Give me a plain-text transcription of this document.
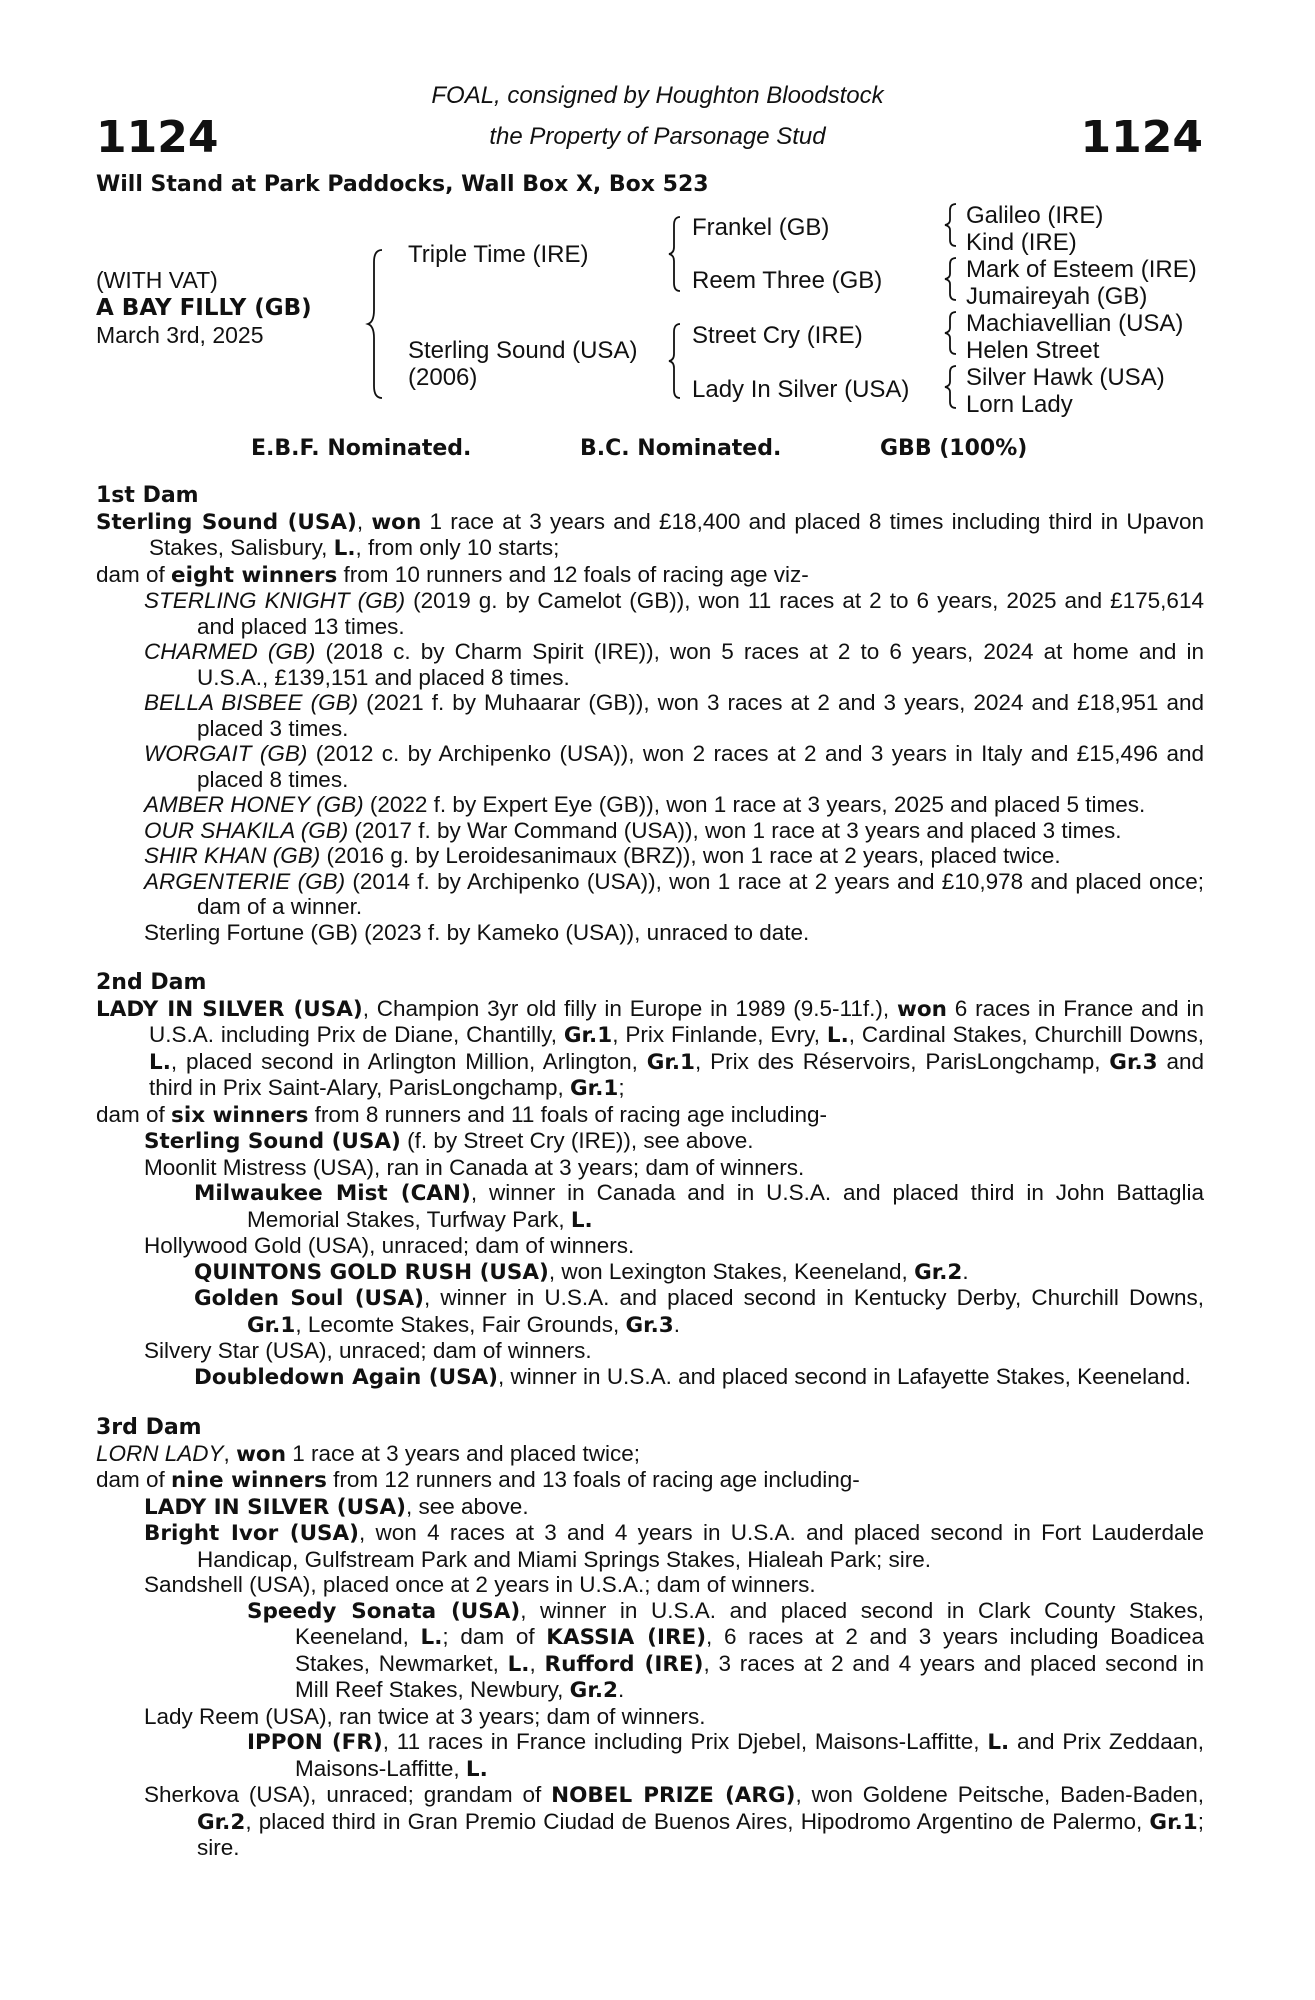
1124	1124
FOAL, consigned by Houghton Bloodstock
the Property of Parsonage Stud
Will Stand at Park Paddocks, Wall Box X, Box 523
(WITH VAT)
A BAY FILLY (GB)
March 3rd, 2025
Triple Time (IRE)
Sterling Sound (USA)
(2006)
Frankel (GB)
Reem Three (GB)
Street Cry (IRE)
Lady In Silver (USA)
Galileo (IRE)
Kind (IRE)
Mark of Esteem (IRE)
Jumaireyah (GB)
Machiavellian (USA)
Helen Street
Silver Hawk (USA)
Lorn Lady
E.B.F. Nominated.	B.C. Nominated.	GBB (100%)
1st Dam
Sterling Sound (USA), won 1 race at 3 years and £18,400 and placed 8 times including third in Upavon Stakes, Salisbury, L., from only 10 starts;
dam of eight winners from 10 runners and 12 foals of racing age viz-
STERLING KNIGHT (GB) (2019 g. by Camelot (GB)), won 11 races at 2 to 6 years, 2025 and £175,614 and placed 13 times.
CHARMED (GB) (2018 c. by Charm Spirit (IRE)), won 5 races at 2 to 6 years, 2024 at home and in U.S.A., £139,151 and placed 8 times.
BELLA BISBEE (GB) (2021 f. by Muhaarar (GB)), won 3 races at 2 and 3 years, 2024 and £18,951 and placed 3 times.
WORGAIT (GB) (2012 c. by Archipenko (USA)), won 2 races at 2 and 3 years in Italy and £15,496 and placed 8 times.
AMBER HONEY (GB) (2022 f. by Expert Eye (GB)), won 1 race at 3 years, 2025 and placed 5 times.
OUR SHAKILA (GB) (2017 f. by War Command (USA)), won 1 race at 3 years and placed 3 times.
SHIR KHAN (GB) (2016 g. by Leroidesanimaux (BRZ)), won 1 race at 2 years, placed twice.
ARGENTERIE (GB) (2014 f. by Archipenko (USA)), won 1 race at 2 years and £10,978 and placed once; dam of a winner.
Sterling Fortune (GB) (2023 f. by Kameko (USA)), unraced to date.
2nd Dam
LADY IN SILVER (USA), Champion 3yr old filly in Europe in 1989 (9.5-11f.), won 6 races in France and in U.S.A. including Prix de Diane, Chantilly, Gr.1, Prix Finlande, Evry, L., Cardinal Stakes, Churchill Downs, L., placed second in Arlington Million, Arlington, Gr.1, Prix des Réservoirs, ParisLongchamp, Gr.3 and third in Prix Saint-Alary, ParisLongchamp, Gr.1;
dam of six winners from 8 runners and 11 foals of racing age including-
Sterling Sound (USA) (f. by Street Cry (IRE)), see above.
Moonlit Mistress (USA), ran in Canada at 3 years; dam of winners.
Milwaukee Mist (CAN), winner in Canada and in U.S.A. and placed third in John Battaglia Memorial Stakes, Turfway Park, L.
Hollywood Gold (USA), unraced; dam of winners.
QUINTONS GOLD RUSH (USA), won Lexington Stakes, Keeneland, Gr.2.
Golden Soul (USA), winner in U.S.A. and placed second in Kentucky Derby, Churchill Downs, Gr.1, Lecomte Stakes, Fair Grounds, Gr.3.
Silvery Star (USA), unraced; dam of winners.
Doubledown Again (USA), winner in U.S.A. and placed second in Lafayette Stakes, Keeneland.
3rd Dam
LORN LADY, won 1 race at 3 years and placed twice;
dam of nine winners from 12 runners and 13 foals of racing age including-
LADY IN SILVER (USA), see above.
Bright Ivor (USA), won 4 races at 3 and 4 years in U.S.A. and placed second in Fort Lauderdale Handicap, Gulfstream Park and Miami Springs Stakes, Hialeah Park; sire.
Sandshell (USA), placed once at 2 years in U.S.A.; dam of winners.
Speedy Sonata (USA), winner in U.S.A. and placed second in Clark County Stakes, Keeneland, L.; dam of KASSIA (IRE), 6 races at 2 and 3 years including Boadicea Stakes, Newmarket, L., Rufford (IRE), 3 races at 2 and 4 years and placed second in Mill Reef Stakes, Newbury, Gr.2.
Lady Reem (USA), ran twice at 3 years; dam of winners.
IPPON (FR), 11 races in France including Prix Djebel, Maisons-Laffitte, L. and Prix Zeddaan, Maisons-Laffitte, L.
Sherkova (USA), unraced; grandam of NOBEL PRIZE (ARG), won Goldene Peitsche, Baden-Baden, Gr.2, placed third in Gran Premio Ciudad de Buenos Aires, Hipodromo Argentino de Palermo, Gr.1; sire.
